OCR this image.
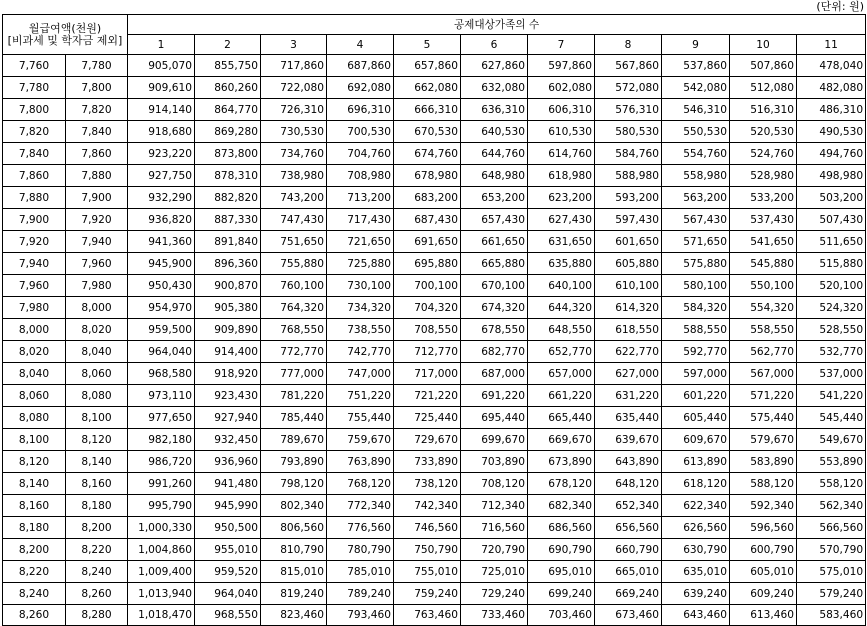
(단위: 원)
월급여액(천원)
[비과세 및 학자금 제외]		공제대상가족의 수										
		1	2	3	4	5	6	7	8	9	10	11
7,760	7,780	905,070	855,750	717,860	687,860	657,860	627,860	597,860	567,860	537,860	507,860	478,040
7,780	7,800	909,610	860,260	722,080	692,080	662,080	632,080	602,080	572,080	542,080	512,080	482,080
7,800	7,820	914,140	864,770	726,310	696,310	666,310	636,310	606,310	576,310	546,310	516,310	486,310
7,820	7,840	918,680	869,280	730,530	700,530	670,530	640,530	610,530	580,530	550,530	520,530	490,530
7,840	7,860	923,220	873,800	734,760	704,760	674,760	644,760	614,760	584,760	554,760	524,760	494,760
7,860	7,880	927,750	878,310	738,980	708,980	678,980	648,980	618,980	588,980	558,980	528,980	498,980
7,880	7,900	932,290	882,820	743,200	713,200	683,200	653,200	623,200	593,200	563,200	533,200	503,200
7,900	7,920	936,820	887,330	747,430	717,430	687,430	657,430	627,430	597,430	567,430	537,430	507,430
7,920	7,940	941,360	891,840	751,650	721,650	691,650	661,650	631,650	601,650	571,650	541,650	511,650
7,940	7,960	945,900	896,360	755,880	725,880	695,880	665,880	635,880	605,880	575,880	545,880	515,880
7,960	7,980	950,430	900,870	760,100	730,100	700,100	670,100	640,100	610,100	580,100	550,100	520,100
7,980	8,000	954,970	905,380	764,320	734,320	704,320	674,320	644,320	614,320	584,320	554,320	524,320
8,000	8,020	959,500	909,890	768,550	738,550	708,550	678,550	648,550	618,550	588,550	558,550	528,550
8,020	8,040	964,040	914,400	772,770	742,770	712,770	682,770	652,770	622,770	592,770	562,770	532,770
8,040	8,060	968,580	918,920	777,000	747,000	717,000	687,000	657,000	627,000	597,000	567,000	537,000
8,060	8,080	973,110	923,430	781,220	751,220	721,220	691,220	661,220	631,220	601,220	571,220	541,220
8,080	8,100	977,650	927,940	785,440	755,440	725,440	695,440	665,440	635,440	605,440	575,440	545,440
8,100	8,120	982,180	932,450	789,670	759,670	729,670	699,670	669,670	639,670	609,670	579,670	549,670
8,120	8,140	986,720	936,960	793,890	763,890	733,890	703,890	673,890	643,890	613,890	583,890	553,890
8,140	8,160	991,260	941,480	798,120	768,120	738,120	708,120	678,120	648,120	618,120	588,120	558,120
8,160	8,180	995,790	945,990	802,340	772,340	742,340	712,340	682,340	652,340	622,340	592,340	562,340
8,180	8,200	1,000,330	950,500	806,560	776,560	746,560	716,560	686,560	656,560	626,560	596,560	566,560
8,200	8,220	1,004,860	955,010	810,790	780,790	750,790	720,790	690,790	660,790	630,790	600,790	570,790
8,220	8,240	1,009,400	959,520	815,010	785,010	755,010	725,010	695,010	665,010	635,010	605,010	575,010
8,240	8,260	1,013,940	964,040	819,240	789,240	759,240	729,240	699,240	669,240	639,240	609,240	579,240
8,260	8,280	1,018,470	968,550	823,460	793,460	763,460	733,460	703,460	673,460	643,460	613,460	583,460
